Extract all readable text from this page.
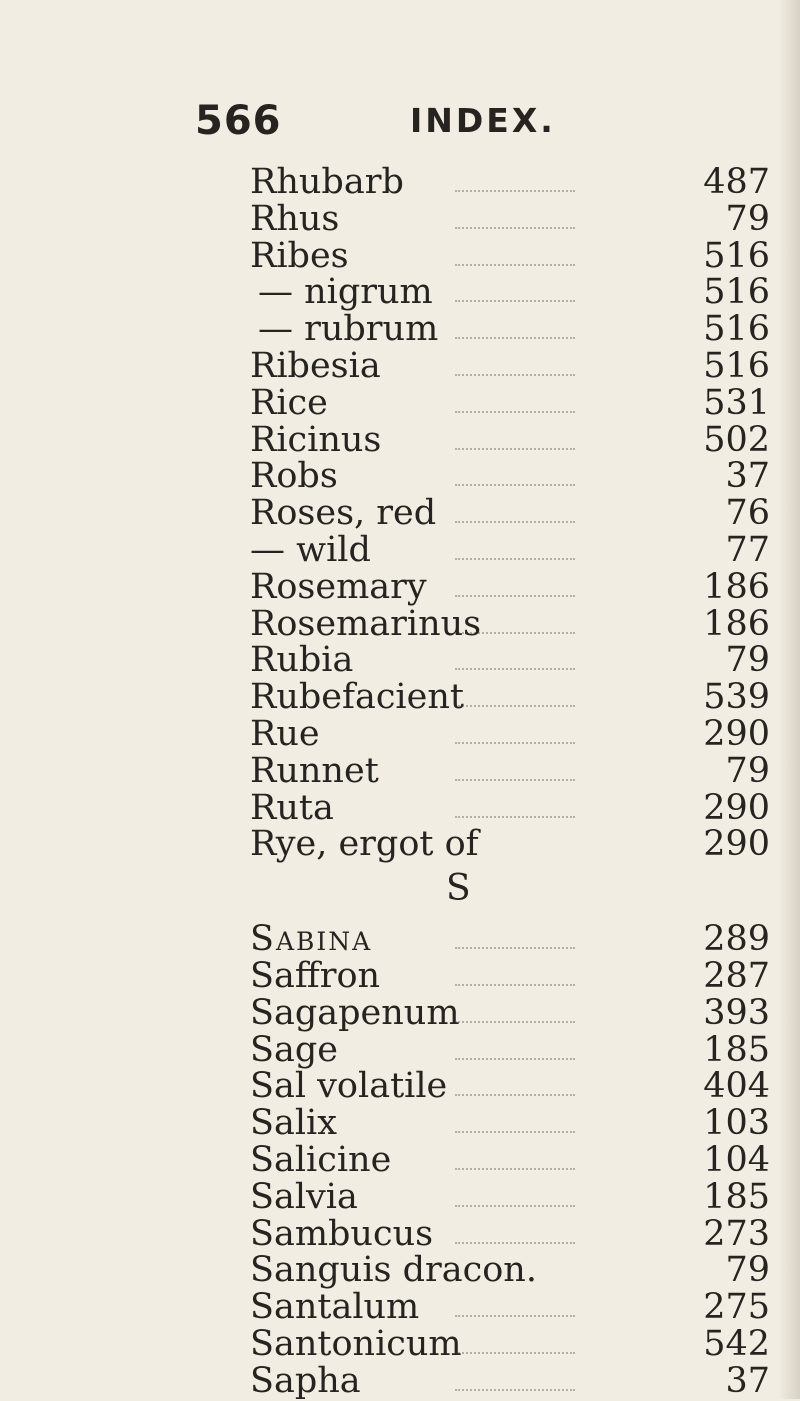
566	INDEX.
Rhubarb	487
Rhus	79
Ribes	516
— nigrum	516
— rubrum	516
Ribesia	516
Rice	531
Ricinus	502
Robs	37
Roses, red	76
— wild	77
Rosemary	186
Rosemarinus	186
Rubia	79
Rubefacient	539
Rue	290
Runnet	79
Ruta	290
Rye, ergot of	290
S
Sabina	289
Saffron	287
Sagapenum	393
Sage	185
Sal volatile	404
Salix	103
Salicine	104
Salvia	185
Sambucus	273
Sanguis dracon.	79
Santalum	275
Santonicum	542
Sapha	37
